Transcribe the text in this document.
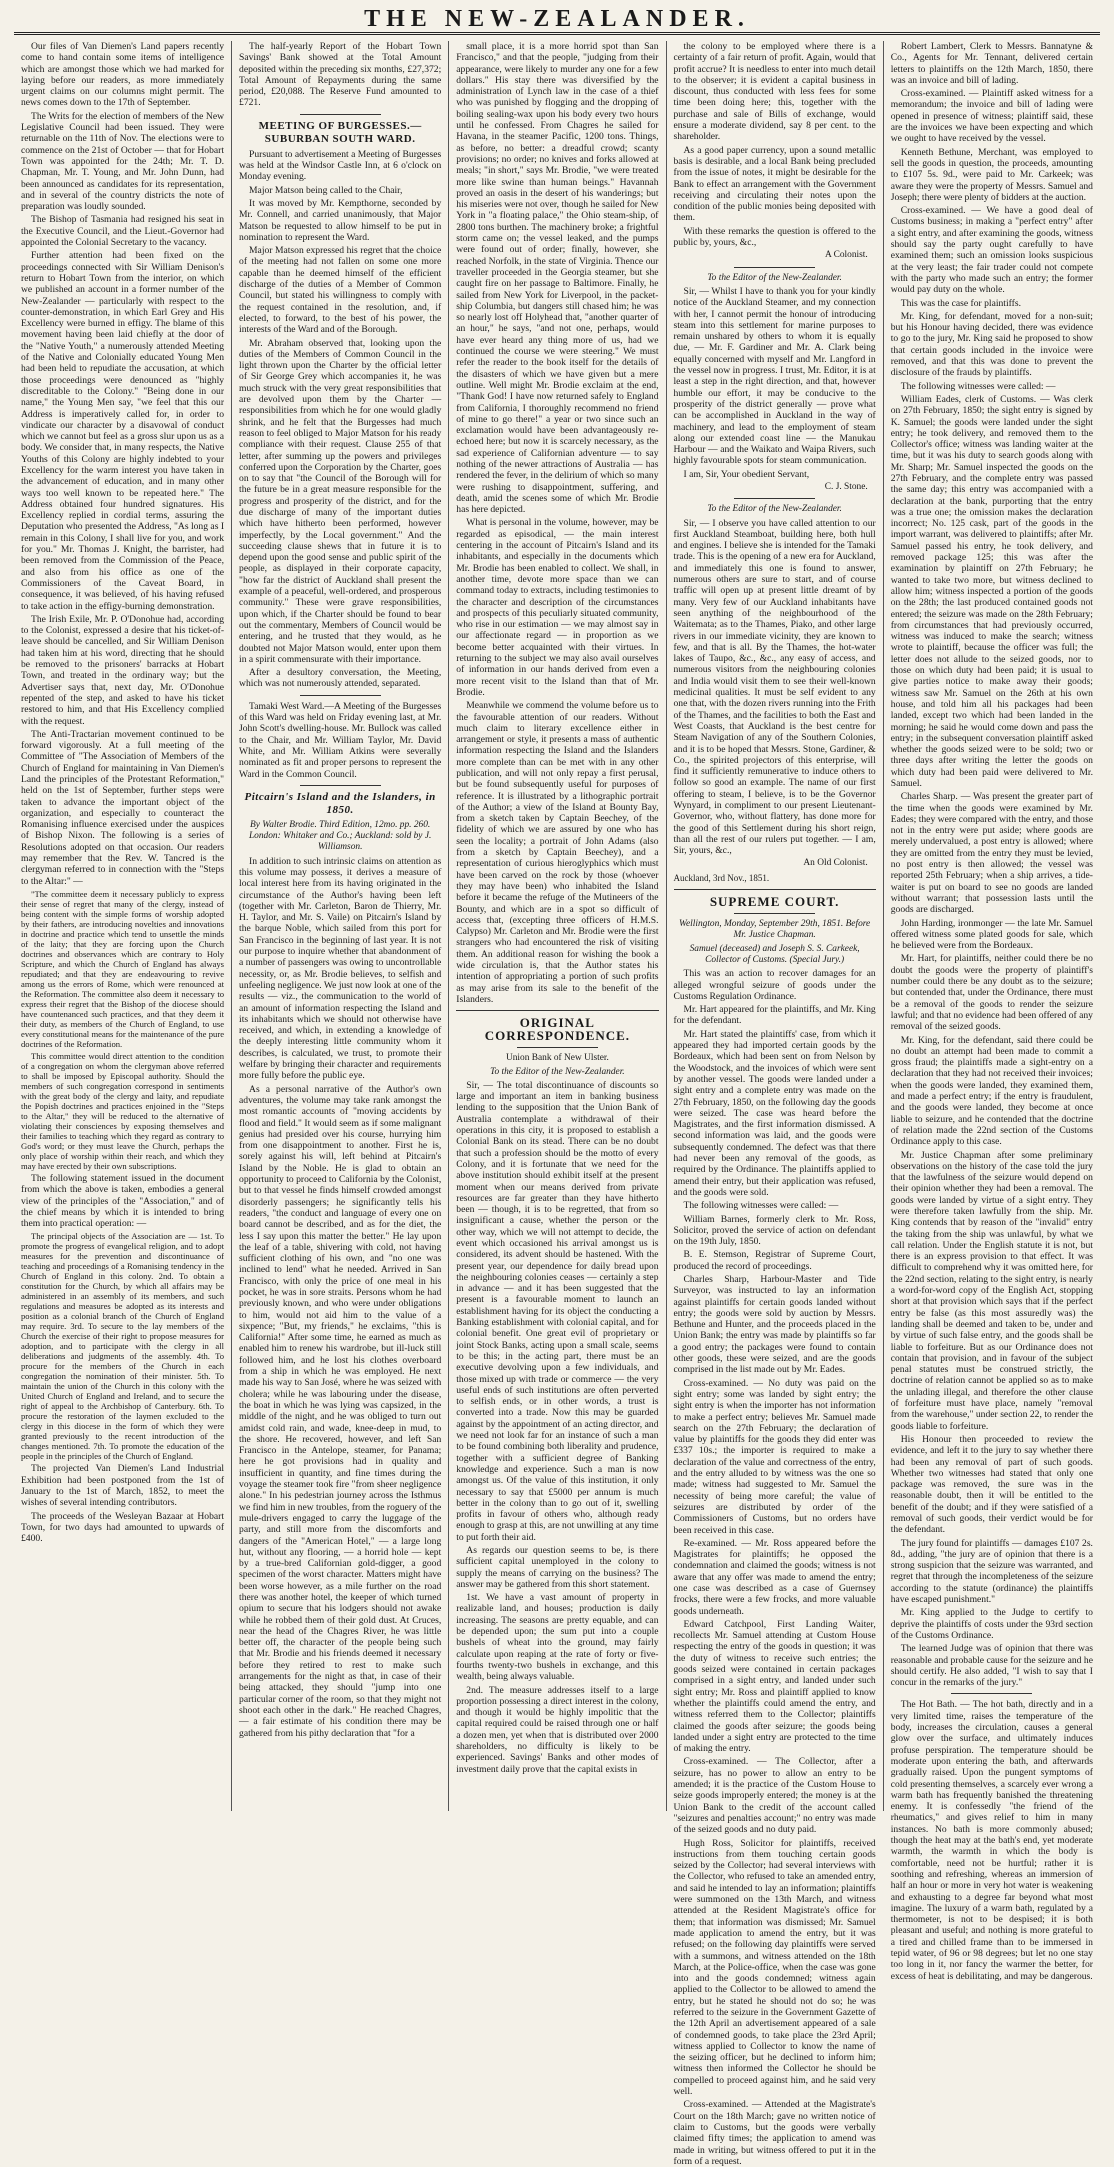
THE NEW-ZEALANDER.

Our files of Van Diemen's Land papers recently come to hand contain some items of intelligence which are amongst those which we had marked for laying before our readers, as more immediately urgent claims on our columns might permit. The news comes down to the 17th of September.

The Writs for the election of members of the New Legislative Council had been issued. They were returnable on the 11th of Nov. The elections were to commence on the 21st of October — that for Hobart Town was appointed for the 24th; Mr. T. D. Chapman, Mr. T. Young, and Mr. John Dunn, had been announced as candidates for its representation, and in several of the country districts the note of preparation was loudly sounded.

The Bishop of Tasmania had resigned his seat in the Executive Council, and the Lieut.-Governor had appointed the Colonial Secretary to the vacancy.

Further attention had been fixed on the proceedings connected with Sir William Denison's return to Hobart Town from the interior, on which we published an account in a former number of the New-Zealander — particularly with respect to the counter-demonstration, in which Earl Grey and His Excellency were burned in effigy. The blame of this movement having been laid chiefly at the door of the "Native Youth," a numerously attended Meeting of the Native and Colonially educated Young Men had been held to repudiate the accusation, at which those proceedings were denounced as "highly discreditable to the Colony." "Being done in our name," the Young Men say, "we feel that this our Address is imperatively called for, in order to vindicate our character by a disavowal of conduct which we cannot but feel as a gross slur upon us as a body. We consider that, in many respects, the Native Youths of this Colony are highly indebted to your Excellency for the warm interest you have taken in the advancement of education, and in many other ways too well known to be repeated here." The Address obtained four hundred signatures. His Excellency replied in cordial terms, assuring the Deputation who presented the Address, "As long as I remain in this Colony, I shall live for you, and work for you." Mr. Thomas J. Knight, the barrister, had been removed from the Commission of the Peace, and also from his office as one of the Commissioners of the Caveat Board, in consequence, it was believed, of his having refused to take action in the effigy-burning demonstration.

The Irish Exile, Mr. P. O'Donohue had, according to the Colonist, expressed a desire that his ticket-of-leave should be cancelled, and Sir William Denison had taken him at his word, directing that he should be removed to the prisoners' barracks at Hobart Town, and treated in the ordinary way; but the Advertiser says that, next day, Mr. O'Donohue repented of the step, and asked to have his ticket restored to him, and that His Excellency complied with the request.

The Anti-Tractarian movement continued to be forward vigorously. At a full meeting of the Committee of "The Association of Members of the Church of England for maintaining in Van Diemen's Land the principles of the Protestant Reformation," held on the 1st of September, further steps were taken to advance the important object of the organization, and especially to counteract the Romanising influence exercised under the auspices of Bishop Nixon. The following is a series of Resolutions adopted on that occasion. Our readers may remember that the Rev. W. Tancred is the clergyman referred to in connection with the "Steps to the Altar:" —

"The committee deem it necessary publicly to express their sense of regret that many of the clergy, instead of being content with the simple forms of worship adopted by their fathers, are introducing novelties and innovations in doctrine and practice which tend to unsettle the minds of the laity; that they are forcing upon the Church doctrines and observances which are contrary to Holy Scripture, and which the Church of England has always repudiated; and that they are endeavouring to revive among us the errors of Rome, which were renounced at the Reformation. The committee also deem it necessary to express their regret that the Bishop of the diocese should have countenanced such practices, and that they deem it their duty, as members of the Church of England, to use every constitutional means for the maintenance of the pure doctrines of the Reformation.

This committee would direct attention to the condition of a congregation on whom the clergyman above referred to shall be imposed by Episcopal authority. Should the members of such congregation correspond in sentiments with the great body of the clergy and laity, and repudiate the Popish doctrines and practices enjoined in the "Steps to the Altar," they will be reduced to the alternative of violating their consciences by exposing themselves and their families to teaching which they regard as contrary to God's word; or they must leave the Church, perhaps the only place of worship within their reach, and which they may have erected by their own subscriptions.

The following statement issued in the document from which the above is taken, embodies a general view of the principles of the "Association," and of the chief means by which it is intended to bring them into practical operation: —

The principal objects of the Association are — 1st. To promote the progress of evangelical religion, and to adopt measures for the prevention and discontinuance of teaching and proceedings of a Romanising tendency in the Church of England in this colony. 2nd. To obtain a constitution for the Church, by which all affairs may be administered in an assembly of its members, and such regulations and measures be adopted as its interests and position as a colonial branch of the Church of England may require. 3rd. To secure to the lay members of the Church the exercise of their right to propose measures for adoption, and to participate with the clergy in all deliberations and judgments of the assembly. 4th. To procure for the members of the Church in each congregation the nomination of their minister. 5th. To maintain the union of the Church in this colony with the United Church of England and Ireland, and to secure the right of appeal to the Archbishop of Canterbury. 6th. To procure the restoration of the laymen excluded to the clergy in this diocese in the form of which they were granted previously to the recent introduction of the changes mentioned. 7th. To promote the education of the people in the principles of the Church of England.

The projected Van Diemen's Land Industrial Exhibition had been postponed from the 1st of January to the 1st of March, 1852, to meet the wishes of several intending contributors.

The proceeds of the Wesleyan Bazaar at Hobart Town, for two days had amounted to upwards of £400.

The half-yearly Report of the Hobart Town Savings' Bank showed at the Total Amount deposited within the preceding six months, £27,372; Total Amount of Repayments during the same period, £20,088. The Reserve Fund amounted to £721.

MEETING OF BURGESSES.—SUBURBAN SOUTH WARD.

Pursuant to advertisement a Meeting of Burgesses was held at the Windsor Castle Inn, at 6 o'clock on Monday evening.

Major Matson being called to the Chair,

It was moved by Mr. Kempthorne, seconded by Mr. Connell, and carried unanimously, that Major Matson be requested to allow himself to be put in nomination to represent the Ward.

Major Matson expressed his regret that the choice of the meeting had not fallen on some one more capable than he deemed himself of the efficient discharge of the duties of a Member of Common Council, but stated his willingness to comply with the request contained in the resolution, and, if elected, to forward, to the best of his power, the interests of the Ward and of the Borough.

Mr. Abraham observed that, looking upon the duties of the Members of Common Council in the light thrown upon the Charter by the official letter of Sir George Grey which accompanies it, he was much struck with the very great responsibilities that are devolved upon them by the Charter — responsibilities from which he for one would gladly shrink, and he felt that the Burgesses had much reason to feel obliged to Major Matson for his ready compliance with their request. Clause 255 of that letter, after summing up the powers and privileges conferred upon the Corporation by the Charter, goes on to say that "the Council of the Borough will for the future be in a great measure responsible for the progress and prosperity of the district, and for the due discharge of many of the important duties which have hitherto been performed, however imperfectly, by the Local government." And the succeeding clause shews that in future it is to depend upon the good sense and public spirit of the people, as displayed in their corporate capacity, "how far the district of Auckland shall present the example of a peaceful, well-ordered, and prosperous community." These were grave responsibilities, upon which, if the Charter should be found to bear out the commentary, Members of Council would be entering, and he trusted that they would, as he doubted not Major Matson would, enter upon them in a spirit commensurate with their importance.

After a desultory conversation, the Meeting, which was not numerously attended, separated.

Tamaki West Ward.—A Meeting of the Burgesses of this Ward was held on Friday evening last, at Mr. John Scott's dwelling-house. Mr. Bullock was called to the Chair, and Mr. William Taylor, Mr. David White, and Mr. William Atkins were severally nominated as fit and proper persons to represent the Ward in the Common Council.

Pitcairn's Island and the Islanders, in 1850.
By Walter Brodie. Third Edition, 12mo. pp. 260. London: Whitaker and Co.; Auckland: sold by J. Williamson.

In addition to such intrinsic claims on attention as this volume may possess, it derives a measure of local interest here from its having originated in the circumstance of the Author's having been left (together with Mr. Carleton, Baron de Thierry, Mr. H. Taylor, and Mr. S. Vaile) on Pitcairn's Island by the barque Noble, which sailed from this port for San Francisco in the beginning of last year. It is not our purpose to inquire whether that abandonment of a number of passengers was owing to uncontrollable necessity, or, as Mr. Brodie believes, to selfish and unfeeling negligence. We just now look at one of the results — viz., the communication to the world of an amount of information respecting the Island and its inhabitants which we should not otherwise have received, and which, in extending a knowledge of the deeply interesting little community whom it describes, is calculated, we trust, to promote their welfare by bringing their character and requirements more fully before the public eye.

As a personal narrative of the Author's own adventures, the volume may take rank amongst the most romantic accounts of "moving accidents by flood and field." It would seem as if some malignant genius had presided over his course, hurrying him from one disappointment to another. First he is, sorely against his will, left behind at Pitcairn's Island by the Noble. He is glad to obtain an opportunity to proceed to California by the Colonist, but to that vessel he finds himself crowded amongst disorderly passengers; he significantly tells his readers, "the conduct and language of every one on board cannot be described, and as for the diet, the less I say upon this matter the better." He lay upon the leaf of a table, shivering with cold, not having sufficient clothing of his own, and "no one was inclined to lend" what he needed. Arrived in San Francisco, with only the price of one meal in his pocket, he was in sore straits. Persons whom he had previously known, and who were under obligations to him, would not aid him to the value of a sixpence; "But, my friends," he exclaims, "this is California!" After some time, he earned as much as enabled him to renew his wardrobe, but ill-luck still followed him, and he lost his clothes overboard from a ship in which he was employed. He next made his way to San José, where he was seized with cholera; while he was labouring under the disease, the boat in which he was lying was capsized, in the middle of the night, and he was obliged to turn out amidst cold rain, and wade, knee-deep in mud, to the shore. He recovered, however, and left San Francisco in the Antelope, steamer, for Panama; here he got provisions had in quality and insufficient in quantity, and fine times during the voyage the steamer took fire "from sheer negligence alone." In his pedestrian journey across the Isthmus we find him in new troubles, from the roguery of the mule-drivers engaged to carry the luggage of the party, and still more from the discomforts and dangers of the "American Hotel," — a large long hut, without any flooring, — a horrid hole — kept by a true-bred Californian gold-digger, a good specimen of the worst character. Matters might have been worse however, as a mile further on the road there was another hotel, the keeper of which turned opium to secure that his lodgers should not awake while he robbed them of their gold dust. At Cruces, near the head of the Chagres River, he was little better off, the character of the people being such that Mr. Brodie and his friends deemed it necessary before they retired to rest to make such arrangements for the night as that, in case of their being attacked, they should "jump into one particular corner of the room, so that they might not shoot each other in the dark." He reached Chagres, — a fair estimate of his condition there may be gathered from his pithy declaration that "for a

small place, it is a more horrid spot than San Francisco," and that the people, "judging from their appearance, were likely to murder any one for a few dollars." His stay there was diversified by the administration of Lynch law in the case of a thief who was punished by flogging and the dropping of boiling sealing-wax upon his body every two hours until he confessed. From Chagres he sailed for Havana, in the steamer Pacific, 1200 tons. Things, as before, no better: a dreadful crowd; scanty provisions; no order; no knives and forks allowed at meals; "in short," says Mr. Brodie, "we were treated more like swine than human beings." Havannah proved an oasis in the desert of his wanderings; but his miseries were not over, though he sailed for New York in "a floating palace," the Ohio steam-ship, of 2800 tons burthen. The machinery broke; a frightful storm came on; the vessel leaked, and the pumps were found out of order; finally, however, she reached Norfolk, in the state of Virginia. Thence our traveller proceeded in the Georgia steamer, but she caught fire on her passage to Baltimore. Finally, he sailed from New York for Liverpool, in the packet-ship Columbia, but dangers still chased him; he was so nearly lost off Holyhead that, "another quarter of an hour," he says, "and not one, perhaps, would have ever heard any thing more of us, had we continued the course we were steering." We must refer the reader to the book itself for the details of the disasters of which we have given but a mere outline. Well might Mr. Brodie exclaim at the end, "Thank God! I have now returned safely to England from California, I thoroughly recommend no friend of mine to go there!" a year or two since such an exclamation would have been advantageously re-echoed here; but now it is scarcely necessary, as the sad experience of Californian adventure — to say nothing of the newer attractions of Australia — has rendered the fever, in the delirium of which so many were rushing to disappointment, suffering, and death, amid the scenes some of which Mr. Brodie has here depicted.

What is personal in the volume, however, may be regarded as episodical, — the main interest centering in the account of Pitcairn's Island and its inhabitants, and especially in the documents which Mr. Brodie has been enabled to collect. We shall, in another time, devote more space than we can command today to extracts, including testimonies to the character and description of the circumstances and prospects of this peculiarly situated community, who rise in our estimation — we may almost say in our affectionate regard — in proportion as we become better acquainted with their virtues. In returning to the subject we may also avail ourselves of information in our hands derived from even a more recent visit to the Island than that of Mr. Brodie.

Meanwhile we commend the volume before us to the favourable attention of our readers. Without much claim to literary excellence either in arrangement or style, it presents a mass of authentic information respecting the Island and the Islanders more complete than can be met with in any other publication, and will not only repay a first perusal, but be found subsequently useful for purposes of reference. It is illustrated by a lithographic portrait of the Author; a view of the Island at Bounty Bay, from a sketch taken by Captain Beechey, of the fidelity of which we are assured by one who has seen the locality; a portrait of John Adams (also from a sketch by Captain Beechey), and a representation of curious hieroglyphics which must have been carved on the rock by those (whoever they may have been) who inhabited the Island before it became the refuge of the Mutineers of the Bounty, and which are in a spot so difficult of access that, (excepting three officers of H.M.S. Calypso) Mr. Carleton and Mr. Brodie were the first strangers who had encountered the risk of visiting them. An additional reason for wishing the book a wide circulation is, that the Author states his intention of appropriating a portion of such profits as may arise from its sale to the benefit of the Islanders.

ORIGINAL CORRESPONDENCE.
Union Bank of New Ulster.
To the Editor of the New-Zealander.

Sir, — The total discontinuance of discounts so large and important an item in banking business lending to the supposition that the Union Bank of Australia contemplate a withdrawal of their operations in this city, it is proposed to establish a Colonial Bank on its stead. There can be no doubt that such a profession should be the motto of every Colony, and it is fortunate that we need for the above institution should exhibit itself at the present moment when our means derived from private resources are far greater than they have hitherto been — though, it is to be regretted, that from so insignificant a cause, whether the person or the other way, which we will not attempt to decide, the event which occasioned his arrival amongst us is considered, its advent should be hastened. With the present year, our dependence for daily bread upon the neighbouring colonies ceases — certainly a step in advance — and it has been suggested that the present is a favourable moment to launch an establishment having for its object the conducting a Banking establishment with colonial capital, and for colonial benefit. One great evil of proprietary or joint Stock Banks, acting upon a small scale, seems to be this; in the acting part, there must be an executive devolving upon a few individuals, and those mixed up with trade or commerce — the very useful ends of such institutions are often perverted to selfish ends, or in other words, a trust is converted into a trade. Now this may be guarded against by the appointment of an acting director, and we need not look far for an instance of such a man to be found combining both liberality and prudence, together with a sufficient degree of Banking knowledge and experience. Such a man is now amongst us. Of the value of this institution, it only necessary to say that £5000 per annum is much better in the colony than to go out of it, swelling profits in favour of others who, although ready enough to grasp at this, are not unwilling at any time to put forth their aid.

As regards our question seems to be, is there sufficient capital unemployed in the colony to supply the means of carrying on the business? The answer may be gathered from this short statement.

1st. We have a vast amount of property in realizable land, and houses; production is daily increasing. The seasons are pretty equable, and can be depended upon; the sum put into a couple bushels of wheat into the ground, may fairly calculate upon reaping at the rate of forty or five-fourths twenty-two bushels in exchange, and this wealth, being always valuable.

2nd. The measure addresses itself to a large proportion possessing a direct interest in the colony, and though it would be highly impolitic that the capital required could be raised through one or half a dozen men, yet when that is distributed over 2000 shareholders, no difficulty is likely to be experienced. Savings' Banks and other modes of investment daily prove that the capital exists in

the colony to be employed where there is a certainty of a fair return of profit. Again, would that profit accrue? It is needless to enter into much detail to the observer; it is evident a capital business in discount, thus conducted with less fees for some time been doing here; this, together with the purchase and sale of Bills of exchange, would ensure a moderate dividend, say 8 per cent. to the shareholder.

As a good paper currency, upon a sound metallic basis is desirable, and a local Bank being precluded from the issue of notes, it might be desirable for the Bank to effect an arrangement with the Government receiving and circulating their notes upon the condition of the public monies being deposited with them.

With these remarks the question is offered to the public by, yours, &c.,

A Colonist.
To the Editor of the New-Zealander.

Sir, — Whilst I have to thank you for your kindly notice of the Auckland Steamer, and my connection with her, I cannot permit the honour of introducing steam into this settlement for marine purposes to remain unshared by others to whom it is equally due, — Mr. F. Gardiner and Mr. A. Clark being equally concerned with myself and Mr. Langford in the vessel now in progress. I trust, Mr. Editor, it is at least a step in the right direction, and that, however humble our effort, it may be conducive to the prosperity of the district generally — prove what can be accomplished in Auckland in the way of machinery, and lead to the employment of steam along our extended coast line — the Manukau Harbour — and the Waikato and Waipa Rivers, such highly favourable spots for steam communication.

I am, Sir, Your obedient Servant,

C. J. Stone.
To the Editor of the New-Zealander.

Sir, — I observe you have called attention to our first Auckland Steamboat, building here, both hull and engines. I believe she is intended for the Tamaki trade. This is the opening of a new era for Auckland, and immediately this one is found to answer, numerous others are sure to start, and of course traffic will open up at present little dreamt of by many. Very few of our Auckland inhabitants have seen anything of the neighbourhood of the Waitemata; as to the Thames, Piako, and other large rivers in our immediate vicinity, they are known to few, and that is all. By the Thames, the hot-water lakes of Taupo, &c., &c., any easy of access, and numerous visitors from the neighbouring colonies and India would visit them to see their well-known medicinal qualities. It must be self evident to any one that, with the dozen rivers running into the Frith of the Thames, and the facilities to both the East and West Coasts, that Auckland is the best centre for Steam Navigation of any of the Southern Colonies, and it is to be hoped that Messrs. Stone, Gardiner, & Co., the spirited projectors of this enterprise, will find it sufficiently remunerative to induce others to follow so good an example. The name of our first offering to steam, I believe, is to be the Governor Wynyard, in compliment to our present Lieutenant-Governor, who, without flattery, has done more for the good of this Settlement during his short reign, than all the rest of our rulers put together. — I am, Sir, yours, &c.,

An Old Colonist.

Auckland, 3rd Nov., 1851.

SUPREME COURT.
Wellington, Monday, September 29th, 1851. Before Mr. Justice Chapman.
Samuel (deceased) and Joseph S. S. Carkeek, Collector of Customs. (Special Jury.)

This was an action to recover damages for an alleged wrongful seizure of goods under the Customs Regulation Ordinance.

Mr. Hart appeared for the plaintiffs, and Mr. King for the defendant.

Mr. Hart stated the plaintiffs' case, from which it appeared they had imported certain goods by the Bordeaux, which had been sent on from Nelson by the Woodstock, and the invoices of which were sent by another vessel. The goods were landed under a sight entry and a complete entry was made on the 27th February, 1850, on the following day the goods were seized. The case was heard before the Magistrates, and the first information dismissed. A second information was laid, and the goods were subsequently condemned. The defect was that there had never been any removal of the goods, as required by the Ordinance. The plaintiffs applied to amend their entry, but their application was refused, and the goods were sold.

The following witnesses were called: —

William Barnes, formerly clerk to Mr. Ross, Solicitor, proved the service of action on defendant on the 19th July, 1850.

B. E. Stemson, Registrar of Supreme Court, produced the record of proceedings.

Charles Sharp, Harbour-Master and Tide Surveyor, was instructed to lay an information against plaintiffs for certain goods landed without entry; the goods were sold by auction by Messrs. Bethune and Hunter, and the proceeds placed in the Union Bank; the entry was made by plaintiffs so far a good entry; the packages were found to contain other goods, these were seized, and are the goods comprised in the list made out by Mr. Eades.

Cross-examined. — No duty was paid on the sight entry; some was landed by sight entry; the sight entry is when the importer has not information to make a perfect entry; believes Mr. Samuel made search on the 27th February; the declaration of value by plaintiffs for the goods they did enter was £337 10s.; the importer is required to make a declaration of the value and correctness of the entry, and the entry alluded to by witness was the one so made; witness had suggested to Mr. Samuel the necessity of being more careful; the value of seizures are distributed by order of the Commissioners of Customs, but no orders have been received in this case.

Re-examined. — Mr. Ross appeared before the Magistrates for plaintiffs; he opposed the condemnation and claimed the goods; witness is not aware that any offer was made to amend the entry; one case was described as a case of Guernsey frocks, there were a few frocks, and more valuable goods underneath.

Edward Catchpool, First Landing Waiter, recollects Mr. Samuel attending at Custom House respecting the entry of the goods in question; it was the duty of witness to receive such entries; the goods seized were contained in certain packages comprised in a sight entry, and landed under such sight entry; Mr. Ross and plaintiff applied to know whether the plaintiffs could amend the entry, and witness referred them to the Collector; plaintiffs claimed the goods after seizure; the goods being landed under a sight entry are protected to the time of making the entry.

Cross-examined. — The Collector, after a seizure, has no power to allow an entry to be amended; it is the practice of the Custom House to seize goods improperly entered; the money is at the Union Bank to the credit of the account called "seizures and penalties account;" no entry was made of the seized goods and no duty paid.

Hugh Ross, Solicitor for plaintiffs, received instructions from them touching certain goods seized by the Collector; had several interviews with the Collector, who refused to take an amended entry, and said he intended to lay an information; plaintiffs were summoned on the 13th March, and witness attended at the Resident Magistrate's office for them; that information was dismissed; Mr. Samuel made application to amend the entry, but it was refused; on the following day plaintiffs were served with a summons, and witness attended on the 18th March, at the Police-office, when the case was gone into and the goods condemned; witness again applied to the Collector to be allowed to amend the entry, but he stated he should not do so; he was referred to the seizure in the Government Gazette of the 12th April an advertisement appeared of a sale of condemned goods, to take place the 23rd April; witness applied to Collector to know the name of the seizing officer, but he declined to inform him; witness then informed the Collector he should be compelled to proceed against him, and he said very well.

Cross-examined. — Attended at the Magistrate's Court on the 18th March; gave no written notice of claim to Customs, but the goods were verbally claimed fifty times; the application to amend was made in writing, but witness offered to put it in the form of a request.

Robert Lambert, Clerk to Messrs. Bannatyne & Co., Agents for Mr. Tennant, delivered certain letters to plaintiffs on the 12th March, 1850, there was an invoice and bill of lading.

Cross-examined. — Plaintiff asked witness for a memorandum; the invoice and bill of lading were opened in presence of witness; plaintiff said, these are the invoices we have been expecting and which we ought to have received by the vessel.

Kenneth Bethune, Merchant, was employed to sell the goods in question, the proceeds, amounting to £107 5s. 9d., were paid to Mr. Carkeek; was aware they were the property of Messrs. Samuel and Joseph; there were plenty of bidders at the auction.

Cross-examined. — We have a good deal of Customs business; in making a "perfect entry" after a sight entry, and after examining the goods, witness should say the party ought carefully to have examined them; such an omission looks suspicious at the very least; the fair trader could not compete with the party who made such an entry; the former would pay duty on the whole.

This was the case for plaintiffs.

Mr. King, for defendant, moved for a non-suit; but his Honour having decided, there was evidence to go to the jury, Mr. King said he proposed to show that certain goods included in the invoice were removed, and that this was done to prevent the disclosure of the frauds by plaintiffs.

The following witnesses were called: —

William Eades, clerk of Customs. — Was clerk on 27th February, 1850; the sight entry is signed by K. Samuel; the goods were landed under the sight entry; he took delivery, and removed them to the Collector's office; witness was landing waiter at the time, but it was his duty to search goods along with Mr. Sharp; Mr. Samuel inspected the goods on the 27th February, and the complete entry was passed the same day; this entry was accompanied with a declaration at the bank, purporting that the entry was a true one; the omission makes the declaration incorrect; No. 125 cask, part of the goods in the import warrant, was delivered to plaintiffs; after Mr. Samuel passed his entry, he took delivery, and removed package 125; this was after the examination by plaintiff on 27th February; he wanted to take two more, but witness declined to allow him; witness inspected a portion of the goods on the 28th; the last produced contained goods not entered; the seizure was made on the 28th February; from circumstances that had previously occurred, witness was induced to make the search; witness wrote to plaintiff, because the officer was full; the letter does not allude to the seized goods, nor to those on which duty had been paid; it is usual to give parties notice to make away their goods; witness saw Mr. Samuel on the 26th at his own house, and told him all his packages had been landed, except two which had been landed in the morning; he said he would come down and pass the entry; in the subsequent conversation plaintiff asked whether the goods seized were to be sold; two or three days after writing the letter the goods on which duty had been paid were delivered to Mr. Samuel.

Charles Sharp. — Was present the greater part of the time when the goods were examined by Mr. Eades; they were compared with the entry, and those not in the entry were put aside; where goods are merely undervalued, a post entry is allowed; where they are omitted from the entry they must be levied, no post entry is then allowed; the vessel was reported 25th February; when a ship arrives, a tide-waiter is put on board to see no goods are landed without warrant; that possession lasts until the goods are discharged.

John Harding, ironmonger — the late Mr. Samuel offered witness some plated goods for sale, which he believed were from the Bordeaux.

Mr. Hart, for plaintiffs, neither could there be no doubt the goods were the property of plaintiff's number could there be any doubt as to the seizure; but contended that, under the Ordinance, there must be a removal of the goods to render the seizure lawful; and that no evidence had been offered of any removal of the seized goods.

Mr. King, for the defendant, said there could be no doubt an attempt had been made to commit a gross fraud; the plaintiffs made a sight-entry on a declaration that they had not received their invoices; when the goods were landed, they examined them, and made a perfect entry; if the entry is fraudulent, and the goods were landed, they become at once liable to seizure, and he contended that the doctrine of relation made the 22nd section of the Customs Ordinance apply to this case.

Mr. Justice Chapman after some preliminary observations on the history of the case told the jury that the lawfulness of the seizure would depend on their opinion whether they had been a removal. The goods were landed by virtue of a sight entry. They were therefore taken lawfully from the ship. Mr. King contends that by reason of the "invalid" entry the taking from the ship was unlawful, by what we call relation. Under the English statute it is not, but there is an express provision to that effect. It was difficult to comprehend why it was omitted here, for the 22nd section, relating to the sight entry, is nearly a word-for-word copy of the English Act, stopping short at that provision which says that if the perfect entry be false (as this most assuredly was) the landing shall be deemed and taken to be, under and by virtue of such false entry, and the goods shall be liable to forfeiture. But as our Ordinance does not contain that provision, and in favour of the subject penal statutes must be construed strictly, the doctrine of relation cannot be applied so as to make the unlading illegal, and therefore the other clause of forfeiture must have place, namely "removal from the warehouse," under section 22, to render the goods liable to forfeiture.

His Honour then proceeded to review the evidence, and left it to the jury to say whether there had been any removal of part of such goods. Whether two witnesses had stated that only one package was removed, the sure was in the reasonable doubt, then it will be entitled to the benefit of the doubt; and if they were satisfied of a removal of such goods, their verdict would be for the defendant.

The jury found for plaintiffs — damages £107 2s. 8d., adding, "the jury are of opinion that there is a strong suspicion that the seizure was warranted, and regret that through the incompleteness of the seizure according to the statute (ordinance) the plaintiffs have escaped punishment."

Mr. King applied to the Judge to certify to deprive the plaintiffs of costs under the 93rd section of the Customs Ordinance.

The learned Judge was of opinion that there was reasonable and probable cause for the seizure and he should certify. He also added, "I wish to say that I concur in the remarks of the jury."

The Hot Bath. — The hot bath, directly and in a very limited time, raises the temperature of the body, increases the circulation, causes a general glow over the surface, and ultimately induces profuse perspiration. The temperature should be moderate upon entering the bath, and afterwards gradually raised. Upon the pungent symptoms of cold presenting themselves, a scarcely ever wrong a warm bath has frequently banished the threatening enemy. It is confessedly "the friend of the rheumatics," and gives relief to him in many instances. No bath is more commonly abused; though the heat may at the bath's end, yet moderate warmth, the warmth in which the body is comfortable, need not be hurtful; rather it is soothing and refreshing, whereas an immersion of half an hour or more in very hot water is weakening and exhausting to a degree far beyond what most imagine. The luxury of a warm bath, regulated by a thermometer, is not to be despised; it is both pleasant and useful; and nothing is more grateful to a tired and chilled frame than to be immersed in tepid water, of 96 or 98 degrees; but let no one stay too long in it, nor fancy the warmer the better, for excess of heat is debilitating, and may be dangerous.
